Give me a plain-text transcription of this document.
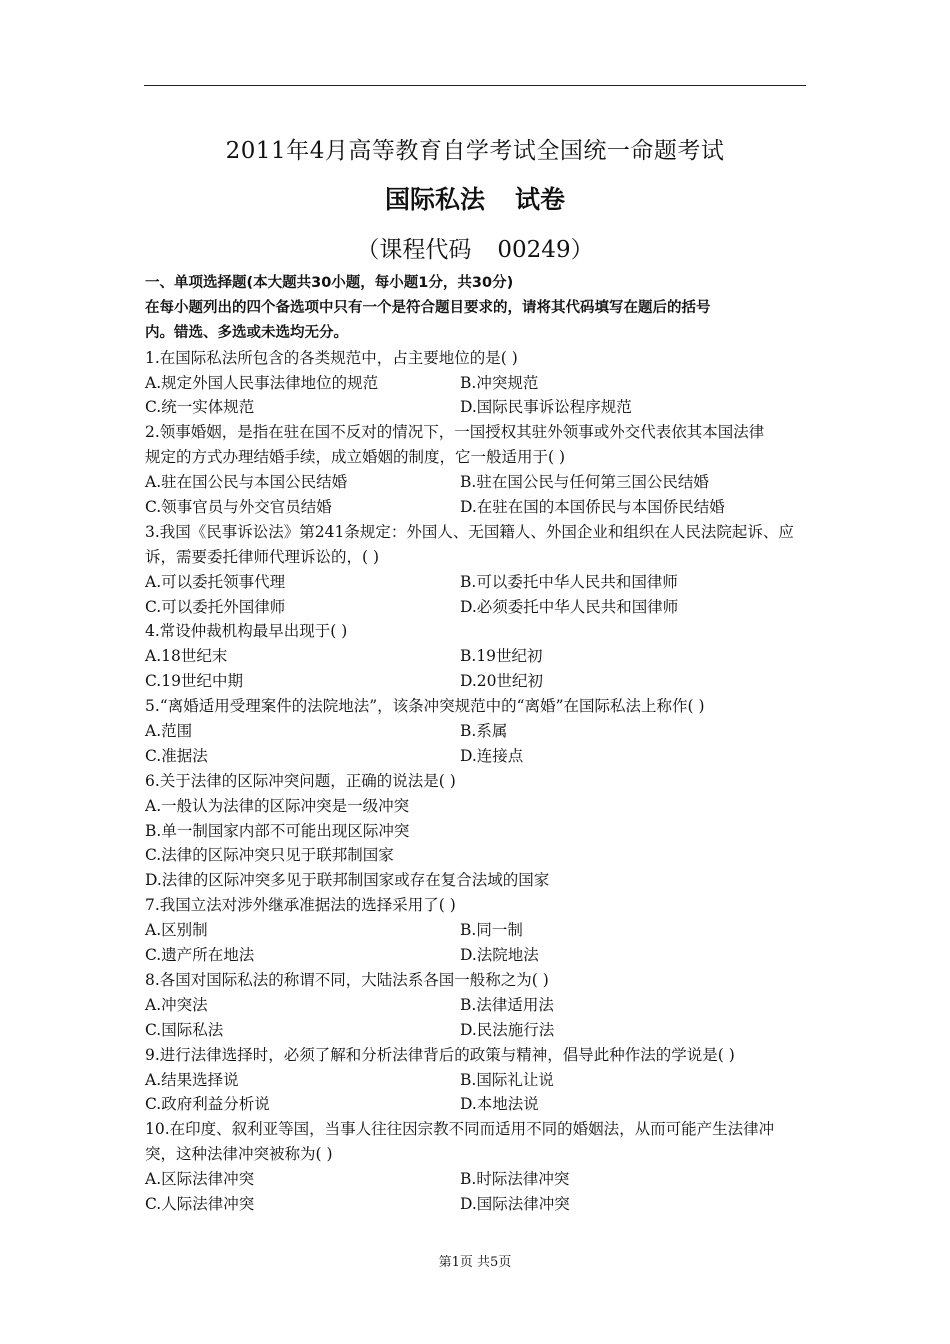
2011年4月高等教育自学考试全国统一命题考试
国际私法 试卷
（课程代码 00249）
一、单项选择题(本大题共30小题，每小题1分，共30分)
在每小题列出的四个备选项中只有一个是符合题目要求的，请将其代码填写在题后的括号
内。错选、多选或未选均无分。
1.在国际私法所包含的各类规范中，占主要地位的是( )
A.规定外国人民事法律地位的规范	B.冲突规范
C.统一实体规范	D.国际民事诉讼程序规范
2.领事婚姻，是指在驻在国不反对的情况下，一国授权其驻外领事或外交代表依其本国法律
规定的方式办理结婚手续，成立婚姻的制度，它一般适用于( )
A.驻在国公民与本国公民结婚	B.驻在国公民与任何第三国公民结婚
C.领事官员与外交官员结婚	D.在驻在国的本国侨民与本国侨民结婚
3.我国《民事诉讼法》第241条规定：外国人、无国籍人、外国企业和组织在人民法院起诉、应
诉，需要委托律师代理诉讼的，( )
A.可以委托领事代理	B.可以委托中华人民共和国律师
C.可以委托外国律师	D.必须委托中华人民共和国律师
4.常设仲裁机构最早出现于( )
A.18世纪末	B.19世纪初
C.19世纪中期	D.20世纪初
5.“离婚适用受理案件的法院地法”，该条冲突规范中的“离婚”在国际私法上称作( )
A.范围	B.系属
C.准据法	D.连接点
6.关于法律的区际冲突问题，正确的说法是( )
A.一般认为法律的区际冲突是一级冲突
B.单一制国家内部不可能出现区际冲突
C.法律的区际冲突只见于联邦制国家
D.法律的区际冲突多见于联邦制国家或存在复合法域的国家
7.我国立法对涉外继承准据法的选择采用了( )
A.区别制	B.同一制
C.遗产所在地法	D.法院地法
8.各国对国际私法的称谓不同，大陆法系各国一般称之为( )
A.冲突法	B.法律适用法
C.国际私法	D.民法施行法
9.进行法律选择时，必须了解和分析法律背后的政策与精神，倡导此种作法的学说是( )
A.结果选择说	B.国际礼让说
C.政府利益分析说	D.本地法说
10.在印度、叙利亚等国，当事人往往因宗教不同而适用不同的婚姻法，从而可能产生法律冲
突，这种法律冲突被称为( )
A.区际法律冲突	B.时际法律冲突
C.人际法律冲突	D.国际法律冲突
第1页 共5页
